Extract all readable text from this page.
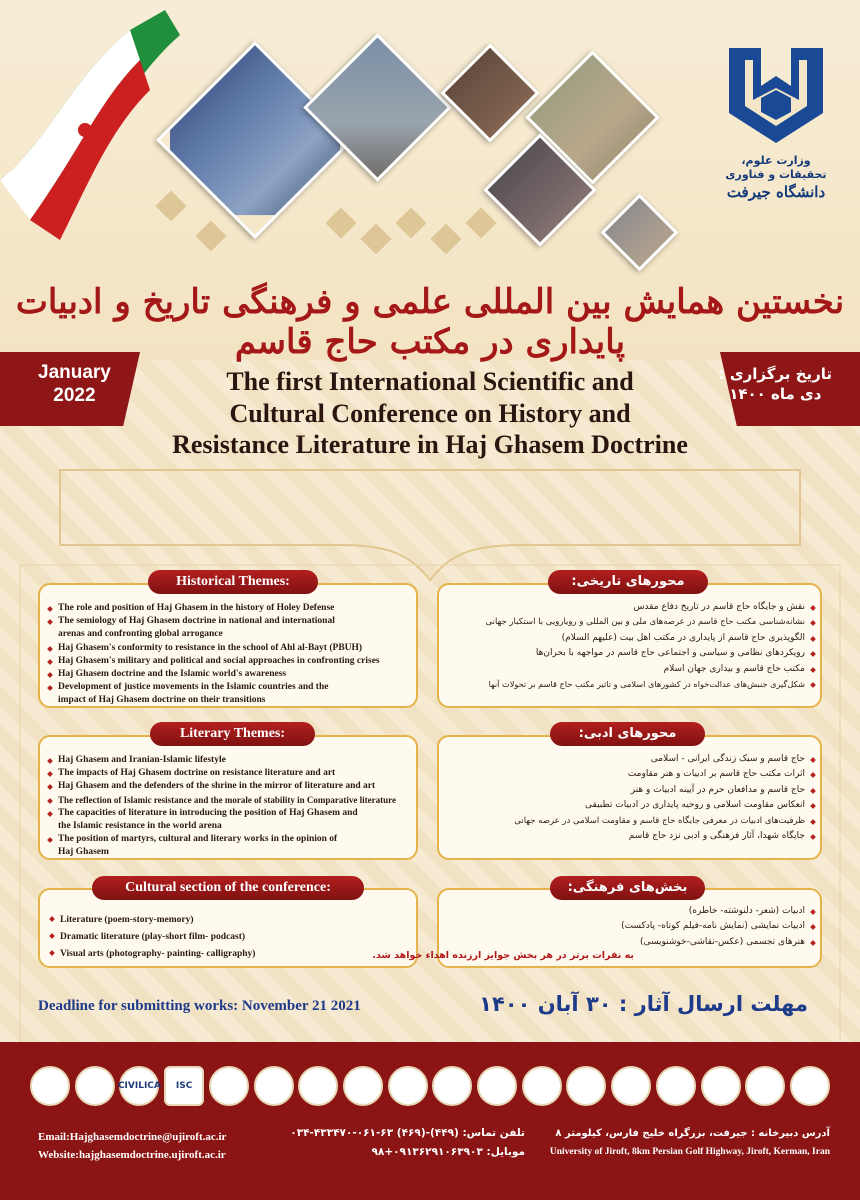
وزارت علوم، تحقیقات و فناوری
دانشگاه جیرفت
نخستین همایش بین المللی علمی و فرهنگی تاریخ و ادبیات پایداری در مکتب حاج قاسم
January
2022
تاریخ برگزاری :
دی ماه ۱۴۰۰
The first International Scientific and
Cultural Conference on History and
Resistance Literature in Haj Ghasem Doctrine
Historical Themes:
The role and position of Haj Ghasem in the history of Holey Defense
The semiology of Haj Ghasem doctrine in national and international
arenas and confronting global arrogance
Haj Ghasem's conformity to resistance in the school of Ahl al-Bayt (PBUH)
Haj Ghasem's military and political and social approaches in confronting crises
Haj Ghasem doctrine and the Islamic world's awareness
Development of justice movements in the Islamic countries and the
impact of Haj Ghasem doctrine on their transitions
Literary Themes:
Haj Ghasem and Iranian-Islamic lifestyle
The impacts of Haj Ghasem doctrine on resistance literature and art
Haj Ghasem and the defenders of the shrine in the mirror of literature and art
The reflection of Islamic resistance and the morale of stability in Comparative literature
The capacities of literature in introducing the position of Haj Ghasem and
the Islamic resistance in the world arena
The position of martyrs, cultural and literary works in the opinion of
Haj Ghasem
Cultural section of the conference:
Literature (poem-story-memory)
Dramatic literature (play-short film- podcast)
Visual arts (photography- painting- calligraphy)
محورهای تاریخی:
نقش و جایگاه حاج قاسم در تاریخ دفاع مقدس
نشانه‌شناسی مکتب حاج قاسم در عرصه‌های ملی و بین المللی و رویارویی با استکبار جهانی
الگوپذیری حاج قاسم از پایداری در مکتب اهل بیت (علیهم السلام)
رویکردهای نظامی و سیاسی و اجتماعی حاج قاسم در مواجهه با بحران‌ها
مکتب حاج قاسم و بیداری جهان اسلام
شکل‌گیری جنبش‌های عدالت‌خواه در کشورهای اسلامی و تاثیر مکتب حاج قاسم بر تحولات آنها
محورهای ادبی:
حاج قاسم و سبک زندگی ایرانی - اسلامی
اثرات مکتب حاج قاسم بر ادبیات و هنر مقاومت
حاج قاسم و مدافعان حرم در آیینه ادبیات و هنر
انعکاس مقاومت اسلامی و روحیه پایداری در ادبیات تطبیقی
ظرفیت‌های ادبیات در معرفی جایگاه حاج قاسم و مقاومت اسلامی در عرصه جهانی
جایگاه شهدا، آثار فرهنگی و ادبی نزد حاج قاسم
بخش‌های فرهنگی:
ادبیات (شعر- دلنوشته- خاطره)
ادبیات نمایشی (نمایش نامه-فیلم کوتاه- پادکست)
هنرهای تجسمی (عکس-نقاشی-خوشنویسی)
به نفرات برتر در هر بخش جوایز ارزنده اهداء خواهد شد.
Deadline for submitting works: November 21 2021	مهلت ارسال آثار : ۳۰ آبان ۱۴۰۰
CIVILICA	ISC
Email:Hajghasemdoctrine@ujiroft.ac.ir
Website:hajghasemdoctrine.ujiroft.ac.ir
تلفن تماس: (۴۴۹)-(۴۶۹) ۶۳-۰۶۱-۴۳۳۴۷۰-۰۳۴
موبایل: ۰۹۱۳۶۲۹۱۰۶۳۹۰۳+۹۸
آدرس دبیرخانه : جیرفت، بزرگراه خلیج فارس، کیلومتر ۸
University of Jiroft, 8km Persian Golf Highway, Jiroft, Kerman, Iran
